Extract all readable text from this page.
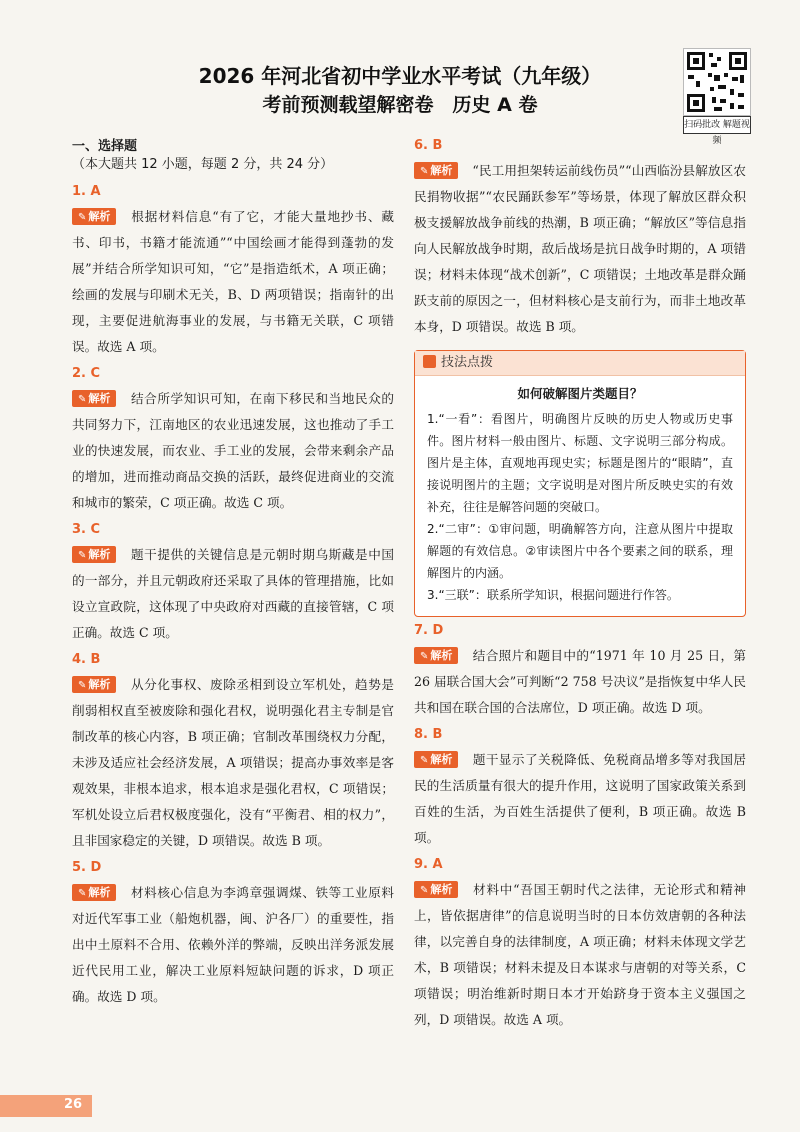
2026 年河北省初中学业水平考试（九年级）
考前预测载望解密卷　历史 A 卷
扫码批改 解题视频
一、选择题（本大题共 12 小题，每题 2 分，共 24 分）
1. A

✎ 解析 根据材料信息“有了它，才能大量地抄书、藏书、印书，书籍才能流通”“中国绘画才能得到蓬勃的发展”并结合所学知识可知，“它”是指造纸术，A 项正确；绘画的发展与印刷术无关，B、D 两项错误；指南针的出现，主要促进航海事业的发展，与书籍无关联，C 项错误。故选 A 项。

2. C

✎ 解析 结合所学知识可知，在南下移民和当地民众的共同努力下，江南地区的农业迅速发展，这也推动了手工业的快速发展，而农业、手工业的发展，会带来剩余产品的增加，进而推动商品交换的活跃，最终促进商业的交流和城市的繁荣，C 项正确。故选 C 项。

3. C

✎ 解析 题干提供的关键信息是元朝时期乌斯藏是中国的一部分，并且元朝政府还采取了具体的管理措施，比如设立宣政院，这体现了中央政府对西藏的直接管辖，C 项正确。故选 C 项。

4. B

✎ 解析 从分化事权、废除丞相到设立军机处，趋势是削弱相权直至被废除和强化君权，说明强化君主专制是官制改革的核心内容，B 项正确；官制改革围绕权力分配，未涉及适应社会经济发展，A 项错误；提高办事效率是客观效果，非根本追求，根本追求是强化君权，C 项错误；军机处设立后君权极度强化，没有“平衡君、相的权力”，且非国家稳定的关键，D 项错误。故选 B 项。

5. D

✎ 解析 材料核心信息为李鸿章强调煤、铁等工业原料对近代军事工业（船炮机器，闽、沪各厂）的重要性，指出中土原料不合用、依赖外洋的弊端，反映出洋务派发展近代民用工业，解决工业原料短缺问题的诉求，D 项正确。故选 D 项。

6. B

✎ 解析 “民工用担架转运前线伤员”“山西临汾县解放区农民捐物收据”“农民踊跃参军”等场景，体现了解放区群众积极支援解放战争前线的热潮，B 项正确；“解放区”等信息指向人民解放战争时期，敌后战场是抗日战争时期的，A 项错误；材料未体现“战术创新”，C 项错误；土地改革是群众踊跃支前的原因之一，但材料核心是支前行为，而非土地改革本身，D 项错误。故选 B 项。

技法点拨
如何破解图片类题目？

1.“一看”：看图片，明确图片反映的历史人物或历史事件。图片材料一般由图片、标题、文字说明三部分构成。图片是主体，直观地再现史实；标题是图片的“眼睛”，直接说明图片的主题；文字说明是对图片所反映史实的有效补充，往往是解答问题的突破口。

2.“二审”：①审问题，明确解答方向，注意从图片中提取解题的有效信息。②审读图片中各个要素之间的联系，理解图片的内涵。

3.“三联”：联系所学知识，根据问题进行作答。

7. D

✎ 解析 结合照片和题目中的“1971 年 10 月 25 日，第 26 届联合国大会”可判断“2 758 号决议”是指恢复中华人民共和国在联合国的合法席位，D 项正确。故选 D 项。

8. B

✎ 解析 题干显示了关税降低、免税商品增多等对我国居民的生活质量有很大的提升作用，这说明了国家政策关系到百姓的生活，为百姓生活提供了便利，B 项正确。故选 B 项。

9. A

✎ 解析 材料中“吾国王朝时代之法律，无论形式和精神上，皆依据唐律”的信息说明当时的日本仿效唐朝的各种法律，以完善自身的法律制度，A 项正确；材料未体现文学艺术，B 项错误；材料未提及日本谋求与唐朝的对等关系，C 项错误；明治维新时期日本才开始跻身于资本主义强国之列，D 项错误。故选 A 项。

26
